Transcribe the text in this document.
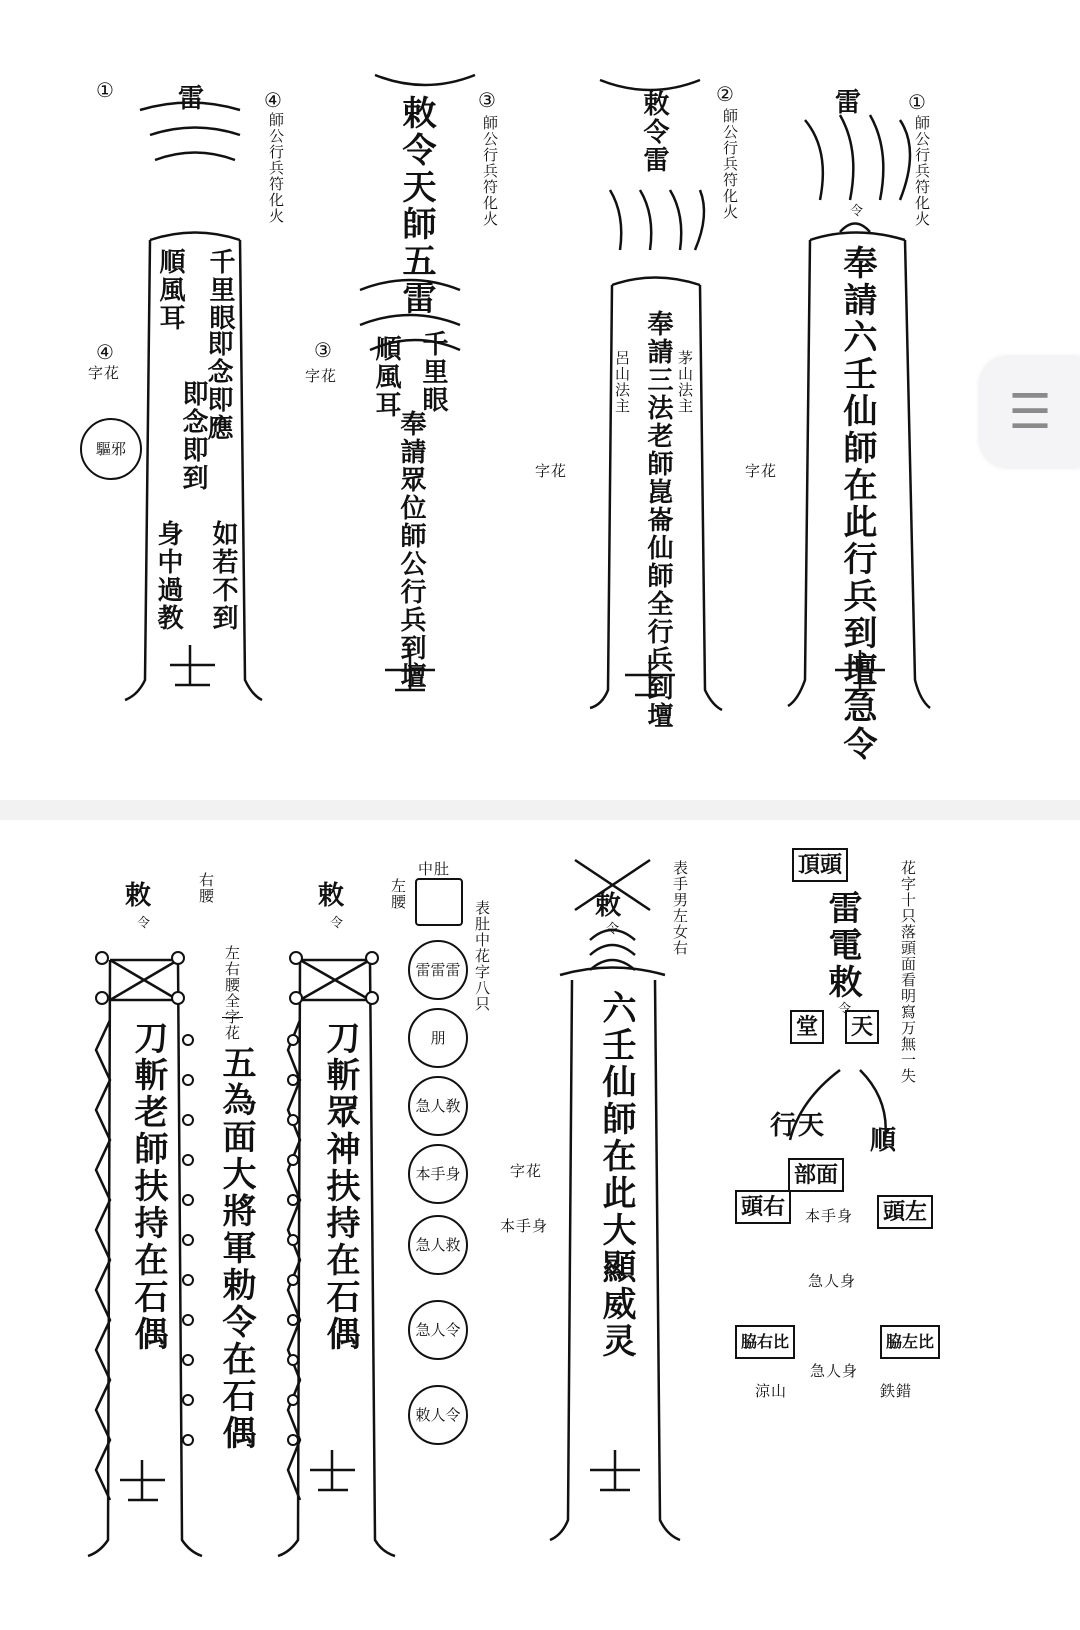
①
師公行兵符化火
雷
令
奉請六壬仙師在此行兵到壇急令
字花
②
師公行兵符化火
敕令雷
奉請三法老師崑崙仙師全行兵到壇 茅山法主
呂山法主
字花
③
師公行兵符化火
敕令天師五雷
千里眼
順風耳
奉請眾位師公行兵到壇
③
字花
①	④
師公行兵符化火
雷
千里眼
順風耳
即念即應
即念即到
如若不到
身中過教
④
字花
驅邪
☰
花字十只落頭面看明寫万無一失
頂頭
雷電敕
令
天
堂
行天 順
部面
頭右	頭左
本手身
急人身
急人身
脇右比	脇左比
涼山	鉄錯
表手男左女右
敕
令
六壬仙師在此大顯威灵
字花
本手身
中肚
左腰
表肚中花字八只
敕
令
刀斬眾神扶持在石偶
雷雷雷
朋
急人敎
本手身
急人救
急人令
敕人令
右腰
左右腰全字花
敕
令
刀斬老師扶持在石偶 五為面大將軍勅令在石偶
